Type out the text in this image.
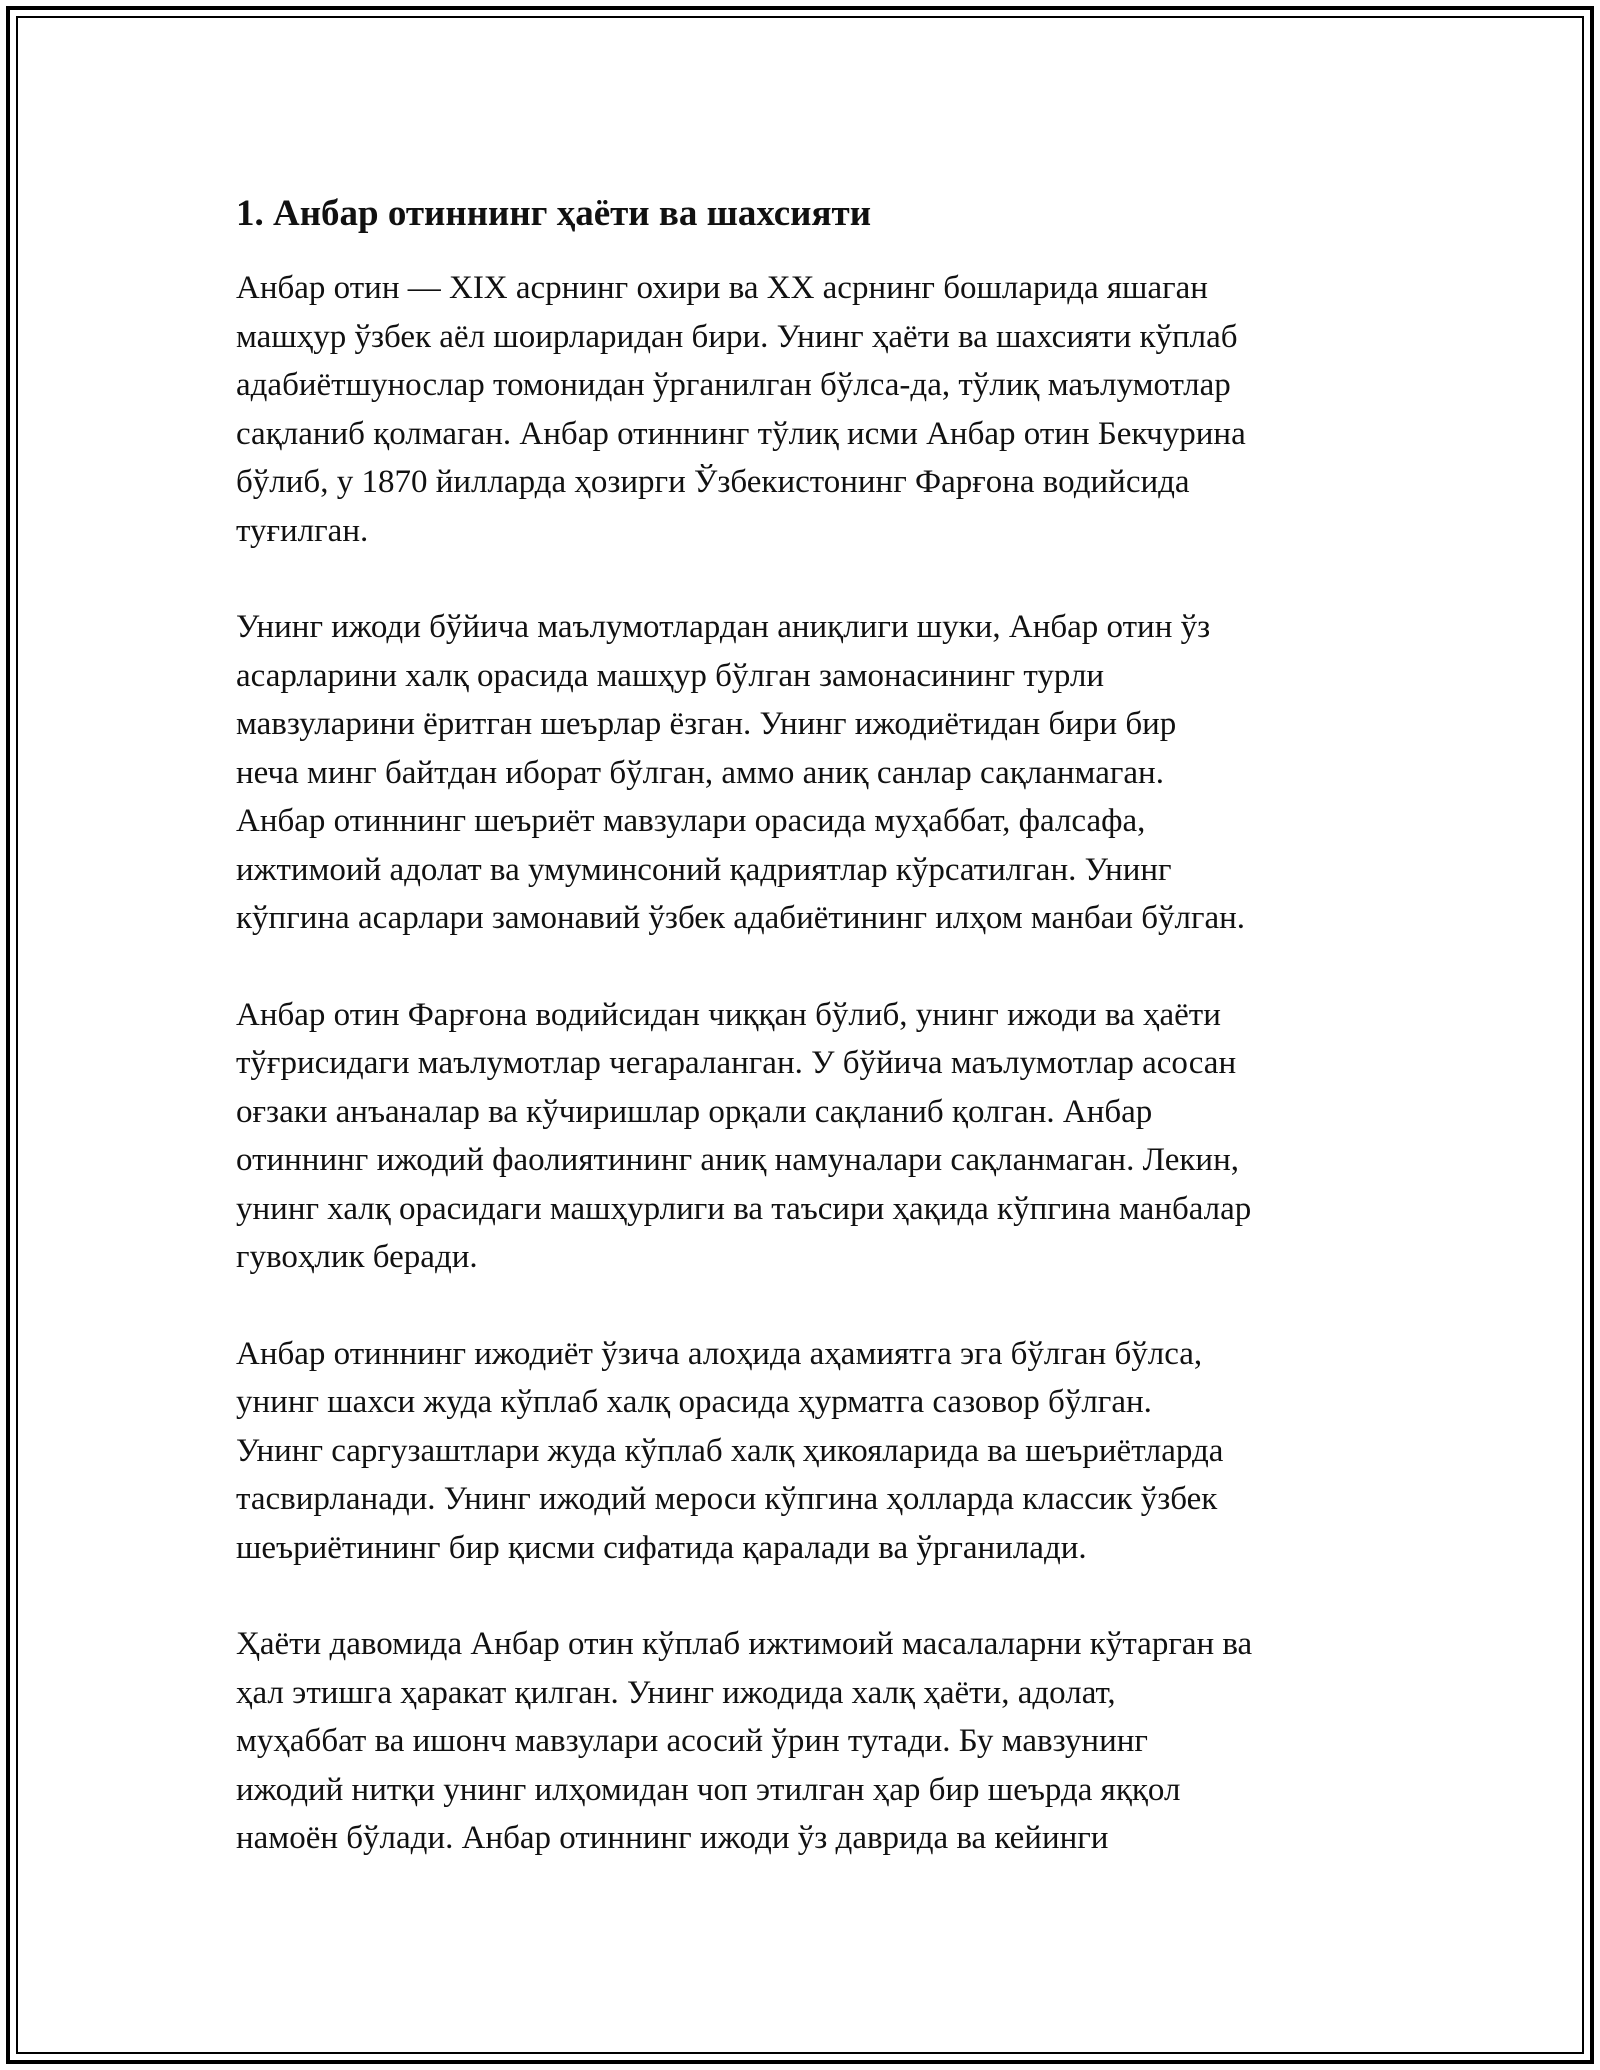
1. Анбар отиннинг ҳаёти ва шахсияти

Анбар отин — XIX асрнинг охири ва XX асрнинг бошларида яшаган
машҳур ўзбек аёл шоирларидан бири. Унинг ҳаёти ва шахсияти кўплаб
адабиётшунослар томонидан ўрганилган бўлса-да, тўлиқ маълумотлар
сақланиб қолмаган. Анбар отиннинг тўлиқ исми Анбар отин Бекчурина
бўлиб, у 1870 йилларда ҳозирги Ўзбекистонинг Фарғона водийсида
туғилган.

Унинг ижоди бўйича маълумотлардан аниқлиги шуки, Анбар отин ўз
асарларини халқ орасида машҳур бўлган замонасининг турли
мавзуларини ёритган шеърлар ёзган. Унинг ижодиётидан бири бир
неча минг байтдан иборат бўлган, аммо аниқ санлар сақланмаган.
Анбар отиннинг шеъриёт мавзулари орасида муҳаббат, фалсафа,
ижтимоий адолат ва умуминсоний қадриятлар кўрсатилган. Унинг
кўпгина асарлари замонавий ўзбек адабиётининг илҳом манбаи бўлган.

Анбар отин Фарғона водийсидан чиққан бўлиб, унинг ижоди ва ҳаёти
тўғрисидаги маълумотлар чегараланган. У бўйича маълумотлар асосан
оғзаки анъаналар ва кўчиришлар орқали сақланиб қолган. Анбар
отиннинг ижодий фаолиятининг аниқ намуналари сақланмаган. Лекин,
унинг халқ орасидаги машҳурлиги ва таъсири ҳақида кўпгина манбалар
гувоҳлик беради.

Анбар отиннинг ижодиёт ўзича алоҳида аҳамиятга эга бўлган бўлса,
унинг шахси жуда кўплаб халқ орасида ҳурматга сазовор бўлган.
Унинг саргузаштлари жуда кўплаб халқ ҳикояларида ва шеъриётларда
тасвирланади. Унинг ижодий мероси кўпгина ҳолларда классик ўзбек
шеъриётининг бир қисми сифатида қаралади ва ўрганилади.

Ҳаёти давомида Анбар отин кўплаб ижтимоий масалаларни кўтарган ва
ҳал этишга ҳаракат қилган. Унинг ижодида халқ ҳаёти, адолат,
муҳаббат ва ишонч мавзулари асосий ўрин тутади. Бу мавзунинг
ижодий нитқи унинг илҳомидан чоп этилган ҳар бир шеърда яққол
намоён бўлади. Анбар отиннинг ижоди ўз даврида ва кейинги
